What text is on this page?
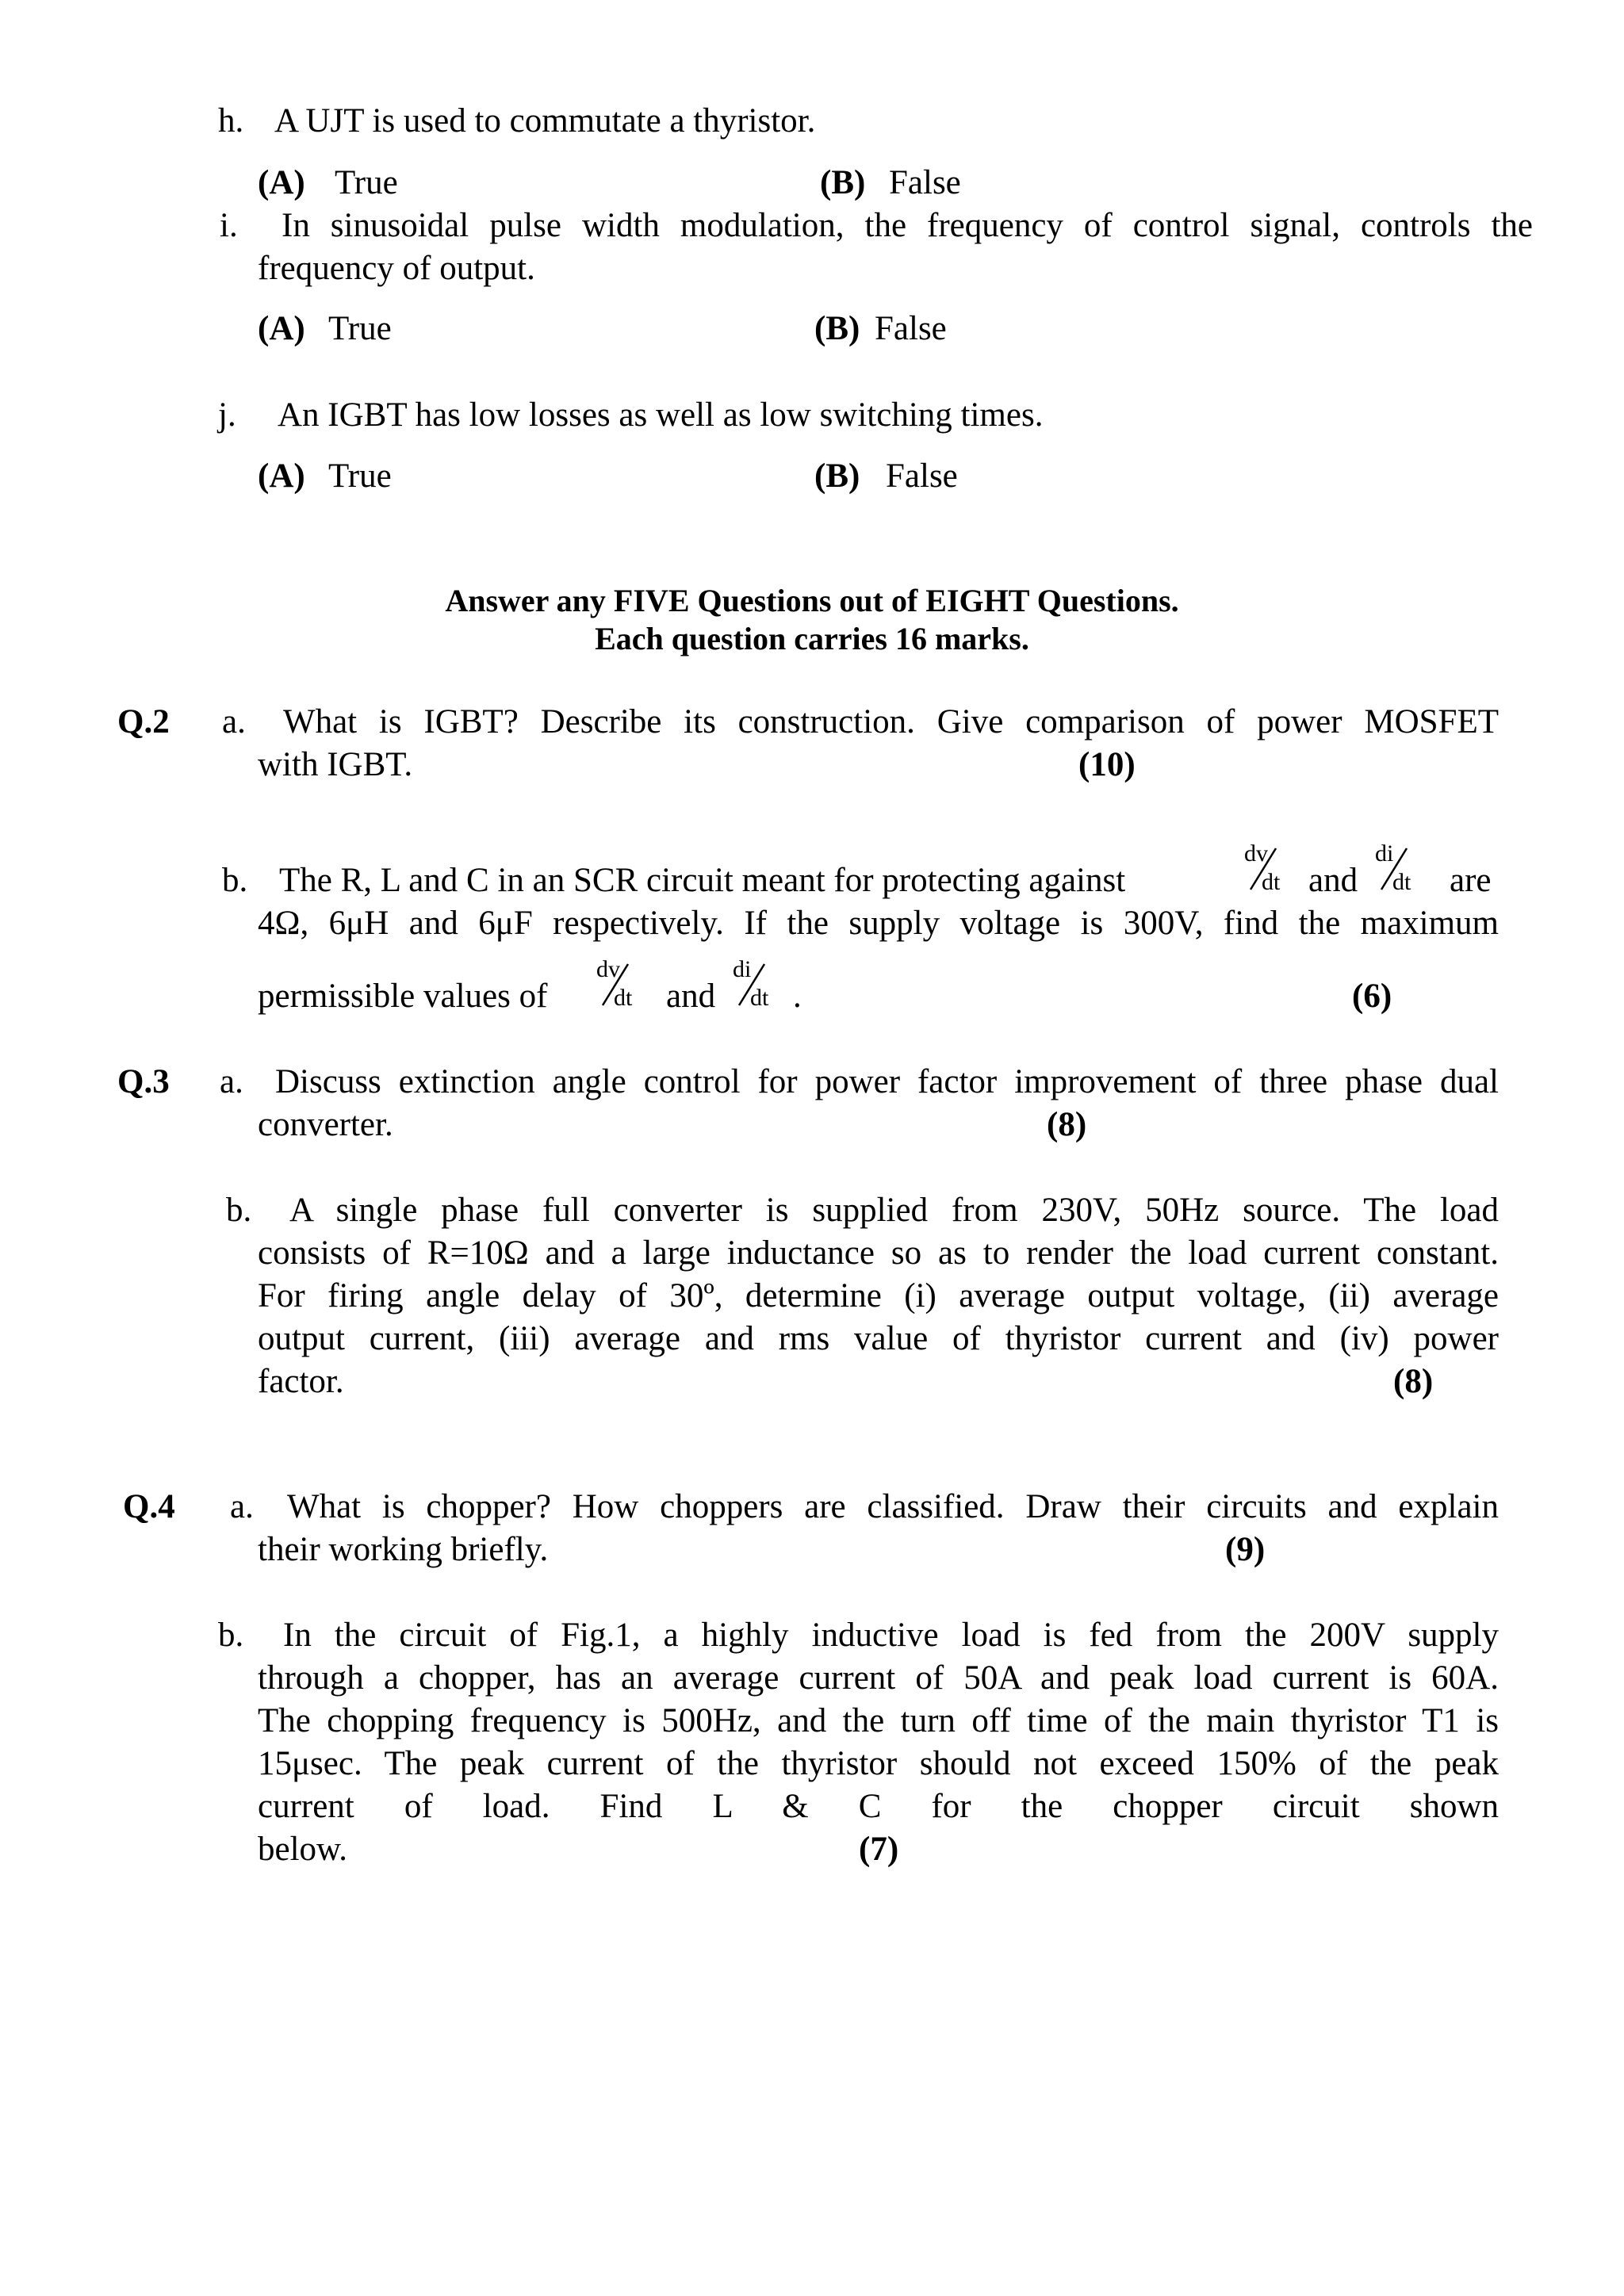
h. A UJT is used to commutate a thyristor.
(A) True	(B) False
i. In sinusoidal pulse width modulation, the frequency of control signal, controls the
frequency of output.
(A) True	(B) False
j. An IGBT has low losses as well as low switching times.
(A) True	(B) False
Answer any FIVE Questions out of EIGHT Questions.
Each question carries 16 marks.
Q.2 a. What is IGBT? Describe its construction. Give comparison of power MOSFET
with IGBT.	(10)
b. The R, L and C in an SCR circuit meant for protecting against
dv
dt and
di
dt are
4Ω, 6μH and 6μF respectively. If the supply voltage is 300V, find the maximum
permissible values of
dv
dt and
di
dt .	(6)
Q.3 a. Discuss extinction angle control for power factor improvement of three phase dual
converter.	(8)
b. A single phase full converter is supplied from 230V, 50Hz source. The load
consists of R=10Ω and a large inductance so as to render the load current constant.
For firing angle delay of 30º, determine (i) average output voltage, (ii) average
output current, (iii) average and rms value of thyristor current and (iv) power
factor.	(8)
Q.4 a. What is chopper? How choppers are classified. Draw their circuits and explain
their working briefly.	(9)
b. In the circuit of Fig.1, a highly inductive load is fed from the 200V supply
through a chopper, has an average current of 50A and peak load current is 60A.
The chopping frequency is 500Hz, and the turn off time of the main thyristor T1 is
15μsec. The peak current of the thyristor should not exceed 150% of the peak
current of load. Find L & C for the chopper circuit shown
below.	(7)
